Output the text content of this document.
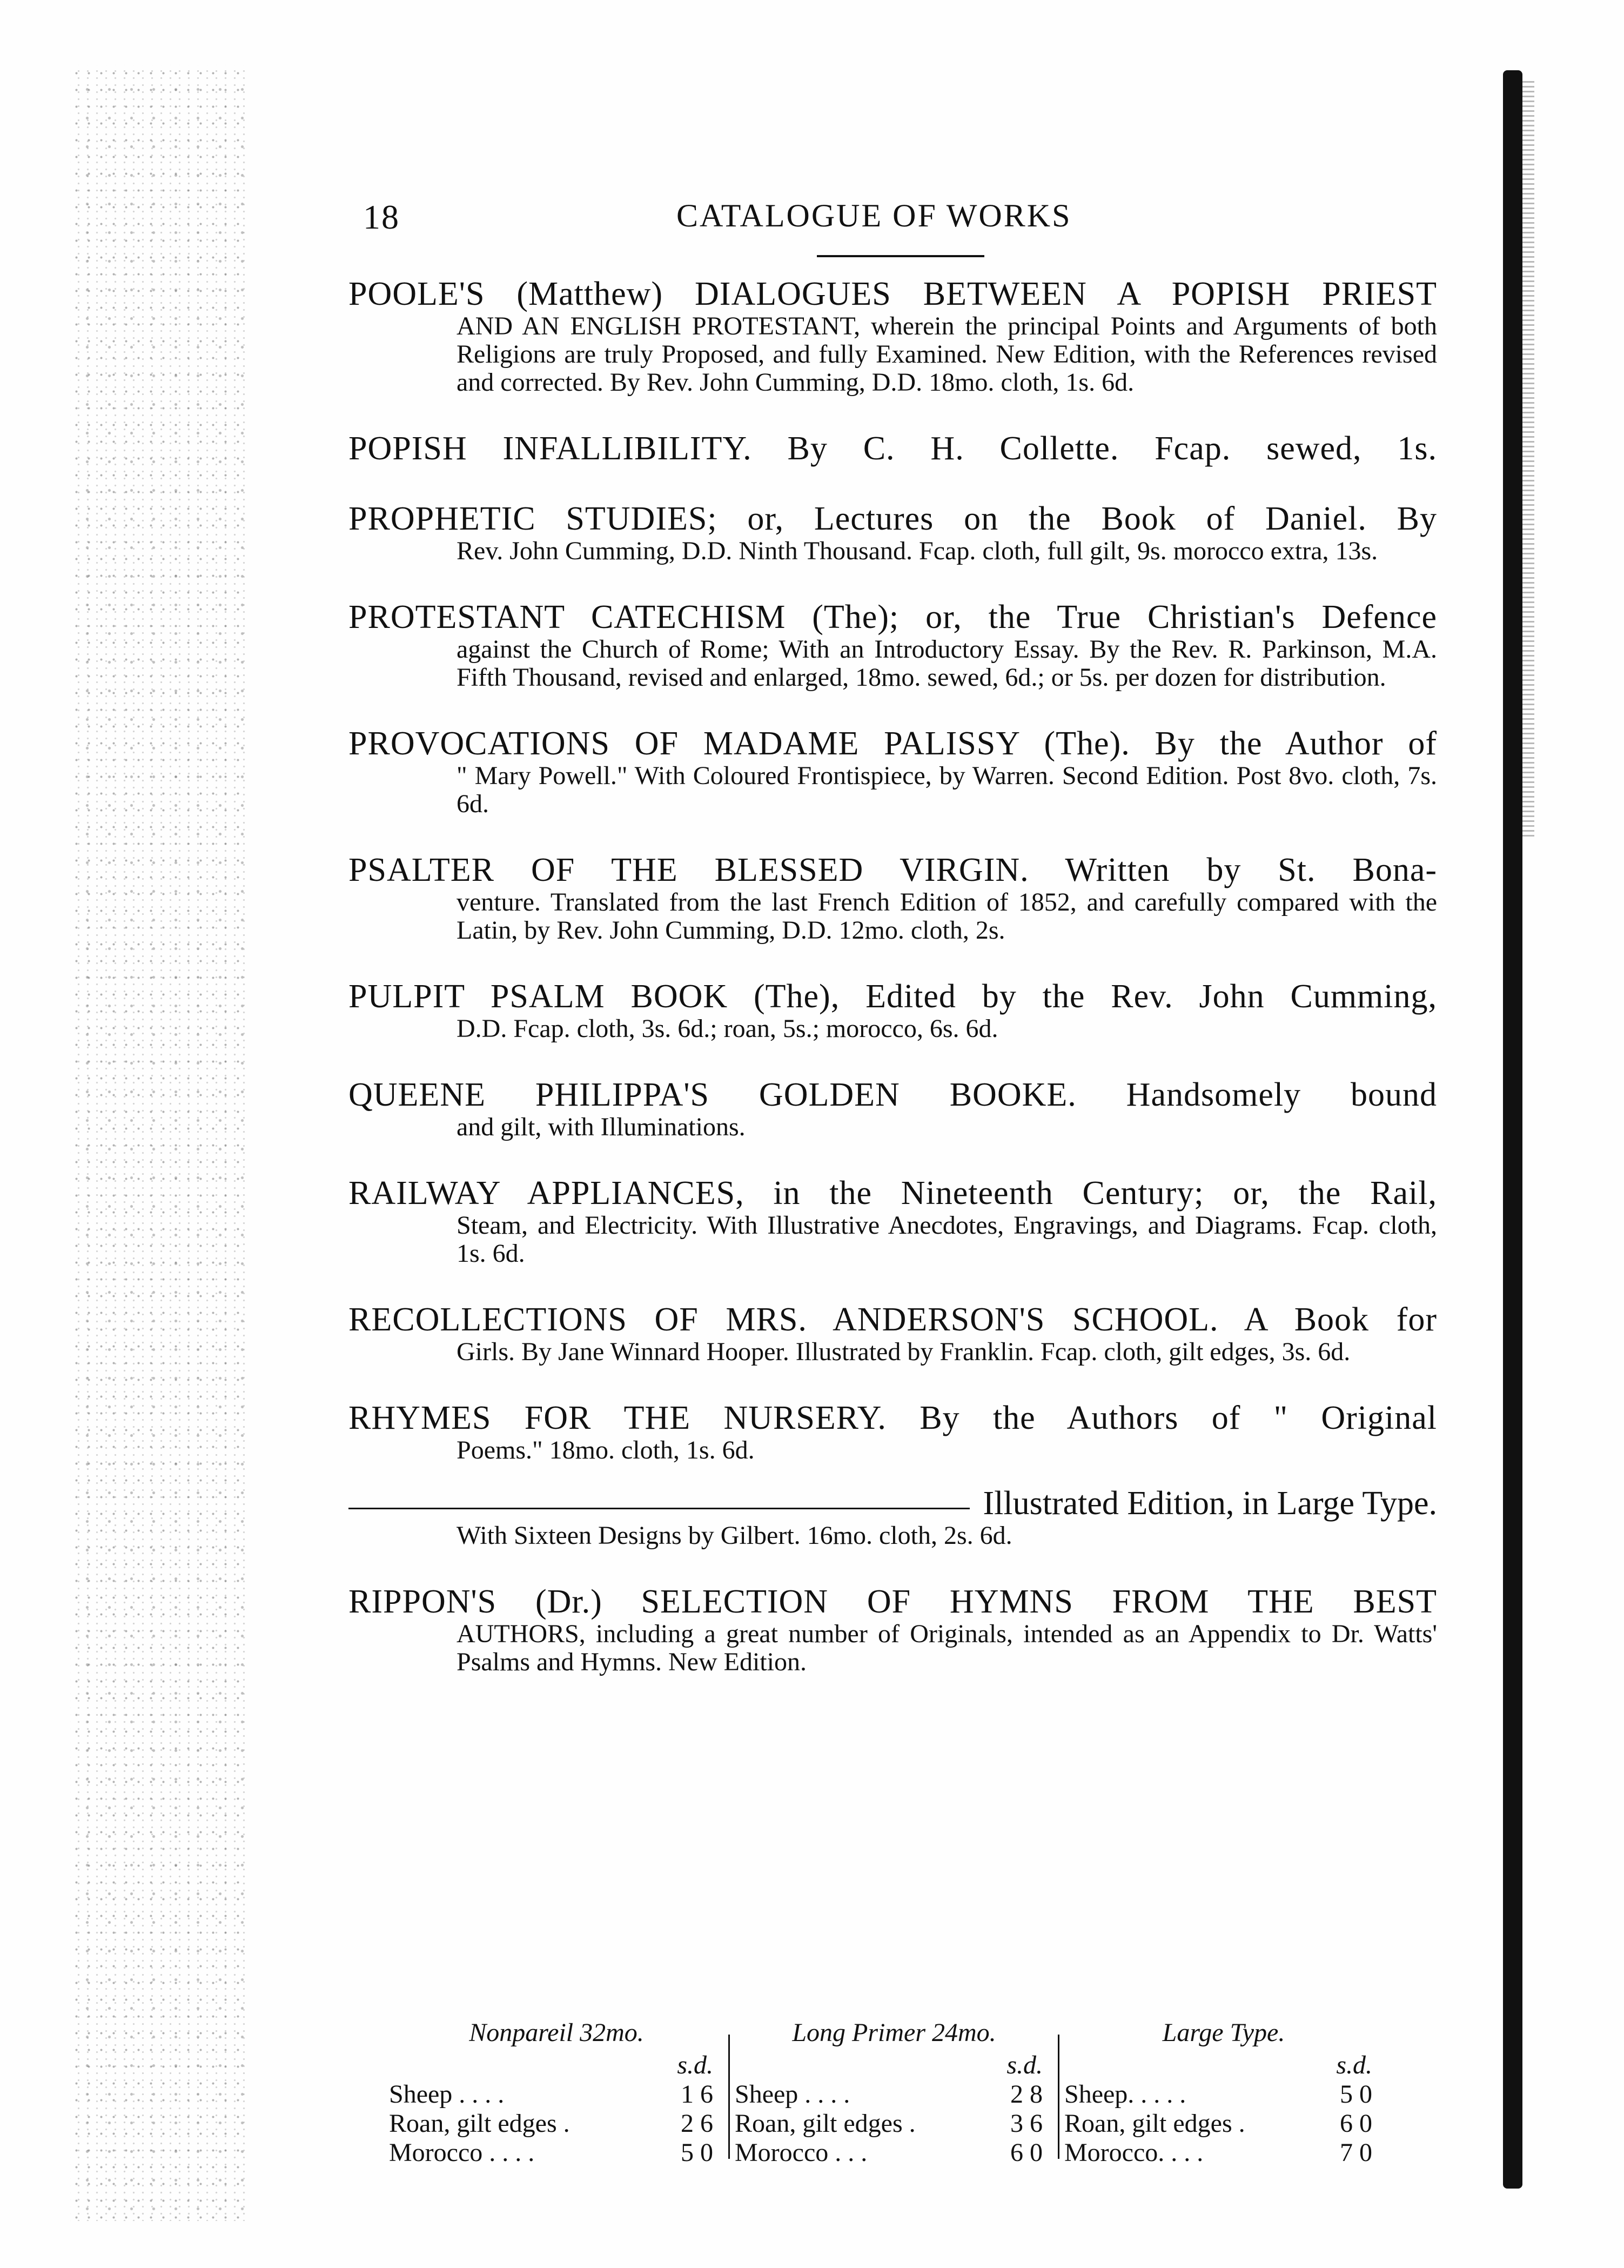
18	CATALOGUE OF WORKS

POOLE'S (Matthew) DIALOGUES BETWEEN A POPISH PRIEST

AND AN ENGLISH PROTESTANT, wherein the principal Points and Arguments of both Religions are truly Proposed, and fully Examined. New Edition, with the References revised and corrected. By Rev. John Cumming, D.D. 18mo. cloth, 1s. 6d.

POPISH INFALLIBILITY. By C. H. Collette. Fcap. sewed, 1s.

PROPHETIC STUDIES; or, Lectures on the Book of Daniel. By

Rev. John Cumming, D.D. Ninth Thousand. Fcap. cloth, full gilt, 9s. morocco extra, 13s.

PROTESTANT CATECHISM (The); or, the True Christian's Defence

against the Church of Rome; With an Introductory Essay. By the Rev. R. Parkinson, M.A. Fifth Thousand, revised and enlarged, 18mo. sewed, 6d.; or 5s. per dozen for distribution.

PROVOCATIONS OF MADAME PALISSY (The). By the Author of

" Mary Powell." With Coloured Frontispiece, by Warren. Second Edition. Post 8vo. cloth, 7s. 6d.

PSALTER OF THE BLESSED VIRGIN. Written by St. Bona-

venture. Translated from the last French Edition of 1852, and carefully compared with the Latin, by Rev. John Cumming, D.D. 12mo. cloth, 2s.

PULPIT PSALM BOOK (The), Edited by the Rev. John Cumming,

D.D. Fcap. cloth, 3s. 6d.; roan, 5s.; morocco, 6s. 6d.

QUEENE PHILIPPA'S GOLDEN BOOKE. Handsomely bound

and gilt, with Illuminations.

RAILWAY APPLIANCES, in the Nineteenth Century; or, the Rail,

Steam, and Electricity. With Illustrative Anecdotes, Engravings, and Diagrams. Fcap. cloth, 1s. 6d.

RECOLLECTIONS OF MRS. ANDERSON'S SCHOOL. A Book for

Girls. By Jane Winnard Hooper. Illustrated by Franklin. Fcap. cloth, gilt edges, 3s. 6d.

RHYMES FOR THE NURSERY. By the Authors of " Original

Poems." 18mo. cloth, 1s. 6d.

Illustrated Edition, in Large Type.

With Sixteen Designs by Gilbert. 16mo. cloth, 2s. 6d.

RIPPON'S (Dr.) SELECTION OF HYMNS FROM THE BEST

AUTHORS, including a great number of Originals, intended as an Appendix to Dr. Watts' Psalms and Hymns. New Edition.

Nonpareil 32mo.
s.d.
Sheep . . . .	1 6
Roan, gilt edges .	2 6
Morocco . . . .	5 0
Long Primer 24mo.
s.d.
Sheep . . . .	2 8
Roan, gilt edges .	3 6
Morocco . . .	6 0
Large Type.
s.d.
Sheep. . . . .	5 0
Roan, gilt edges .	6 0
Morocco. . . .	7 0
